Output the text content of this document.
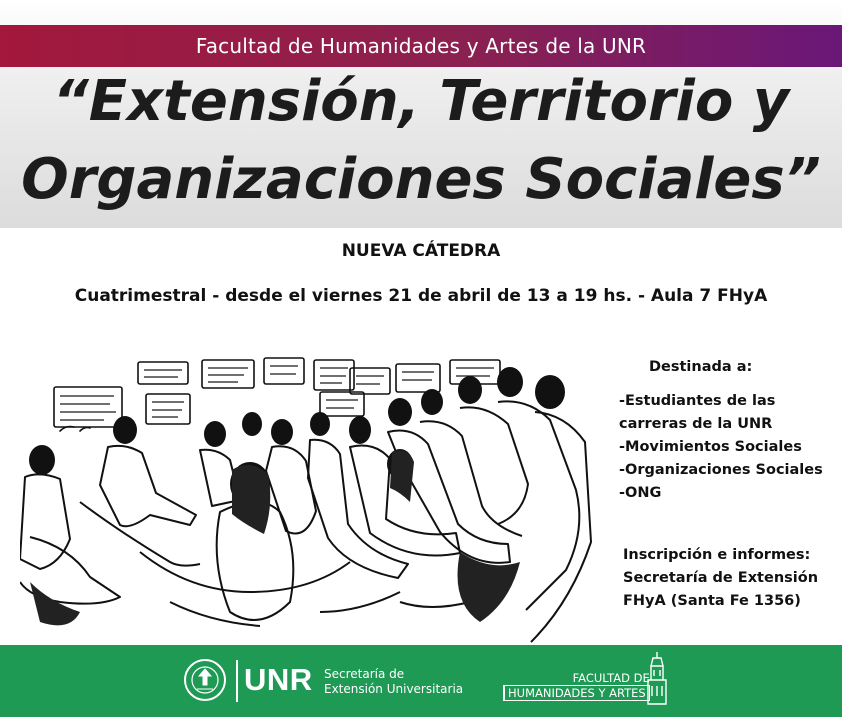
Facultad de Humanidades y Artes de la UNR
“Extensión, Territorio y
Organizaciones Sociales”
NUEVA CÁTEDRA
Cuatrimestral - desde el viernes 21 de abril de 13 a 19 hs. - Aula 7 FHyA
Destinada a:
-Estudiantes de las
carreras de la UNR
-Movimientos Sociales
-Organizaciones Sociales
-ONG
Inscripción e informes:
Secretaría de Extensión
FHyA (Santa Fe 1356)
UNR Secretaría de
Extensión Universitaria
FACULTAD DE
HUMANIDADES Y ARTES
